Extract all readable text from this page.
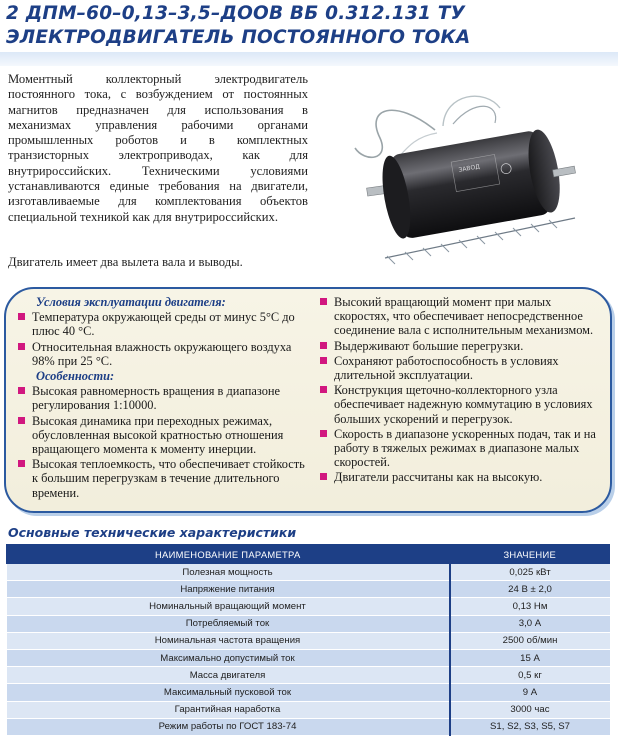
2 ДПМ–60–0,13–3,5–ДООВ ВБ 0.312.131 ТУ
ЭЛЕКТРОДВИГАТЕЛЬ ПОСТОЯННОГО ТОКА
Моментный коллекторный электродвигатель постоянного тока, с возбуждением от постоянных магнитов предназначен для использования в механизмах управления рабочими органами промышленных роботов и в комплектных транзисторных электроприводах, как для внутрироссийских. Техническими условиями устанавливаются единые требования на двигатели, изготавливаемые для комплектования объектов специальной техникой как для внутрироссийских.
Двигатель имеет два вылета вала и выводы.
ЗАВОД
Условия эксплуатации двигателя:
Температура окружающей среды от минус 5°С до плюс 40 °С.
Относительная влажность окружающего воздуха 98% при 25 °С.
Особенности:
Высокая равномерность вращения в диапазоне регулирования 1:10000.
Высокая динамика при переходных режимах, обусловленная высокой кратностью отношения вращающего момента к моменту инерции.
Высокая теплоемкость, что обеспечивает стойкость к большим перегрузкам в течение длительного времени.
Высокий вращающий момент при малых скоростях, что обеспечивает непосредственное соединение вала с исполнительным механизмом.
Выдерживают большие перегрузки.
Сохраняют работоспособность в условиях длительной эксплуатации.
Конструкция щеточно-коллекторного узла обеспечивает надежную коммутацию в условиях больших ускорений и перегрузок.
Скорость в диапазоне ускоренных подач, так и на работу в тяжелых режимах в диапазоне малых скоростей.
Двигатели рассчитаны как на высокую.
Основные технические характеристики
НАИМЕНОВАНИЕ ПАРАМЕТРА	ЗНАЧЕНИЕ
Полезная мощность	0,025 кВт
Напряжение питания	24 В ± 2,0
Номинальный вращающий момент	0,13 Нм
Потребляемый ток	3,0 А
Номинальная частота вращения	2500 об/мин
Максимально допустимый ток	15 А
Масса двигателя	0,5 кг
Максимальный пусковой ток	9 А
Гарантийная наработка	3000 час
Режим работы по ГОСТ 183-74	S1, S2, S3, S5, S7
